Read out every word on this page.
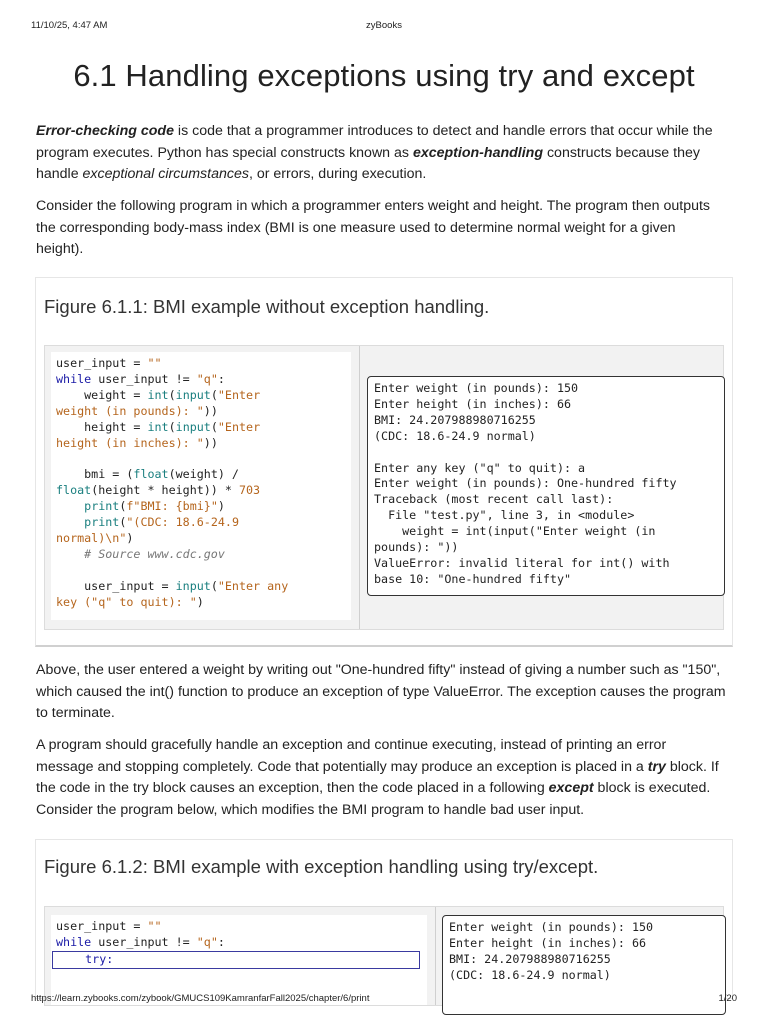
11/10/25, 4:47 AM	zyBooks
6.1 Handling exceptions using try and except

Error-checking code is code that a programmer introduces to detect and handle errors that occur while the program executes. Python has special constructs known as exception-handling constructs because they handle exceptional circumstances, or errors, during execution.

Consider the following program in which a programmer enters weight and height. The program then outputs the corresponding body-mass index (BMI is one measure used to determine normal weight for a given height).

Figure 6.1.1: BMI example without exception handling.
user_input = ""
while user_input != "q":
weight = int(input("Enter
weight (in pounds): "))
height = int(input("Enter
height (in inches): "))

bmi = (float(weight) /
float(height * height)) * 703
print(f"BMI: {bmi}")
print("(CDC: 18.6-24.9
normal)\n")
# Source www.cdc.gov

user_input = input("Enter any
key ("q" to quit): ")
Enter weight (in pounds): 150
Enter height (in inches): 66
BMI: 24.207988980716255
(CDC: 18.6-24.9 normal)

Enter any key ("q" to quit): a
Enter weight (in pounds): One-hundred fifty
Traceback (most recent call last):
File "test.py", line 3, in <module>
weight = int(input("Enter weight (in
pounds): "))
ValueError: invalid literal for int() with
base 10: "One-hundred fifty"

Above, the user entered a weight by writing out "One-hundred fifty" instead of giving a number such as "150", which caused the int() function to produce an exception of type ValueError. The exception causes the program to terminate.

A program should gracefully handle an exception and continue executing, instead of printing an error message and stopping completely. Code that potentially may produce an exception is placed in a try block. If the code in the try block causes an exception, then the code placed in a following except block is executed. Consider the program below, which modifies the BMI program to handle bad user input.

Figure 6.1.2: BMI example with exception handling using try/except.
user_input = ""
while user_input != "q":
try:
Enter weight (in pounds): 150
Enter height (in inches): 66
BMI: 24.207988980716255
(CDC: 18.6-24.9 normal)
https://learn.zybooks.com/zybook/GMUCS109KamranfarFall2025/chapter/6/print	1/20
